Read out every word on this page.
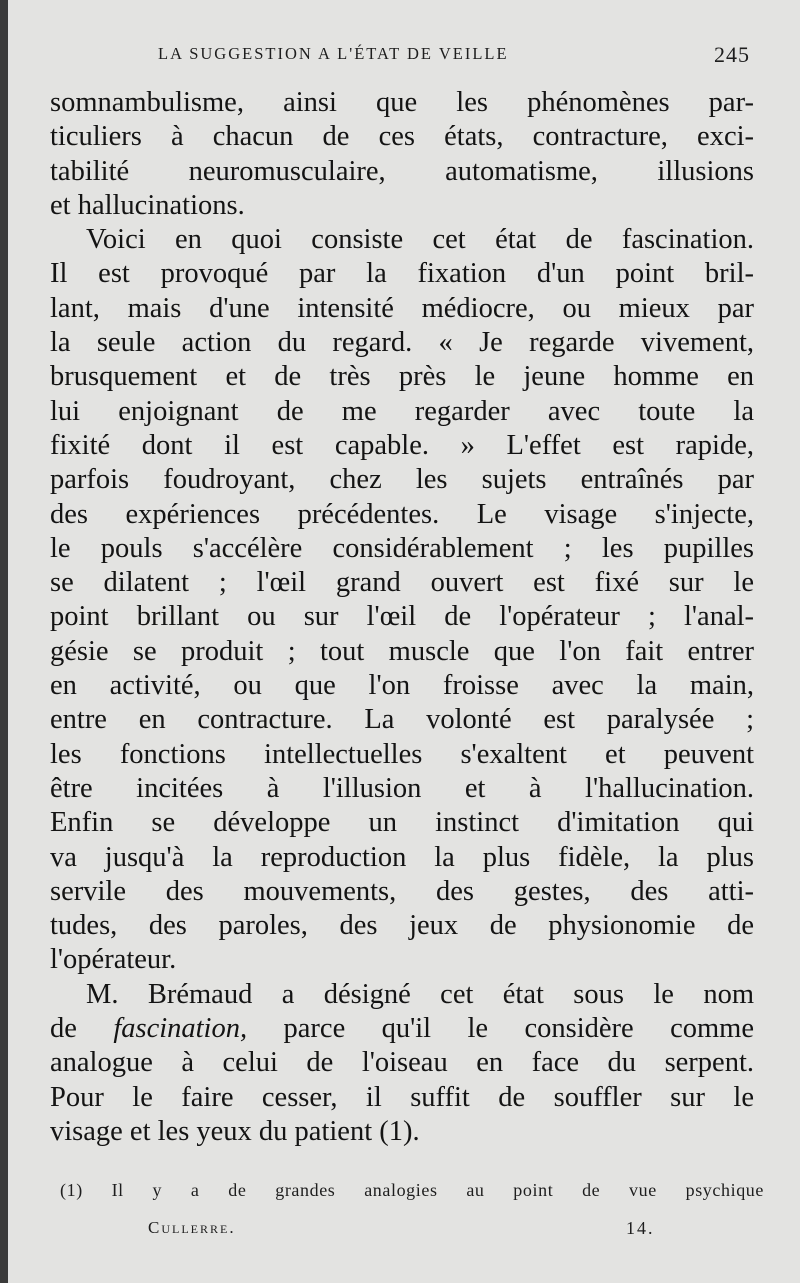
LA SUGGESTION A L'ÉTAT DE VEILLE	245
somnambulisme, ainsi que les phénomènes par-
ticuliers à chacun de ces états, contracture, exci-
tabilité neuromusculaire, automatisme, illusions
et hallucinations.
Voici en quoi consiste cet état de fascination.
Il est provoqué par la fixation d'un point bril-
lant, mais d'une intensité médiocre, ou mieux par
la seule action du regard. « Je regarde vivement,
brusquement et de très près le jeune homme en
lui enjoignant de me regarder avec toute la
fixité dont il est capable. » L'effet est rapide,
parfois foudroyant, chez les sujets entraînés par
des expériences précédentes. Le visage s'injecte,
le pouls s'accélère considérablement ; les pupilles
se dilatent ; l'œil grand ouvert est fixé sur le
point brillant ou sur l'œil de l'opérateur ; l'anal-
gésie se produit ; tout muscle que l'on fait entrer
en activité, ou que l'on froisse avec la main,
entre en contracture. La volonté est paralysée ;
les fonctions intellectuelles s'exaltent et peuvent
être incitées à l'illusion et à l'hallucination.
Enfin se développe un instinct d'imitation qui
va jusqu'à la reproduction la plus fidèle, la plus
servile des mouvements, des gestes, des atti-
tudes, des paroles, des jeux de physionomie de
l'opérateur.
M. Brémaud a désigné cet état sous le nom
de fascination, parce qu'il le considère comme
analogue à celui de l'oiseau en face du serpent.
Pour le faire cesser, il suffit de souffler sur le
visage et les yeux du patient (1).
(1) Il y a de grandes analogies au point de vue psychique
Cullerre.	14.
